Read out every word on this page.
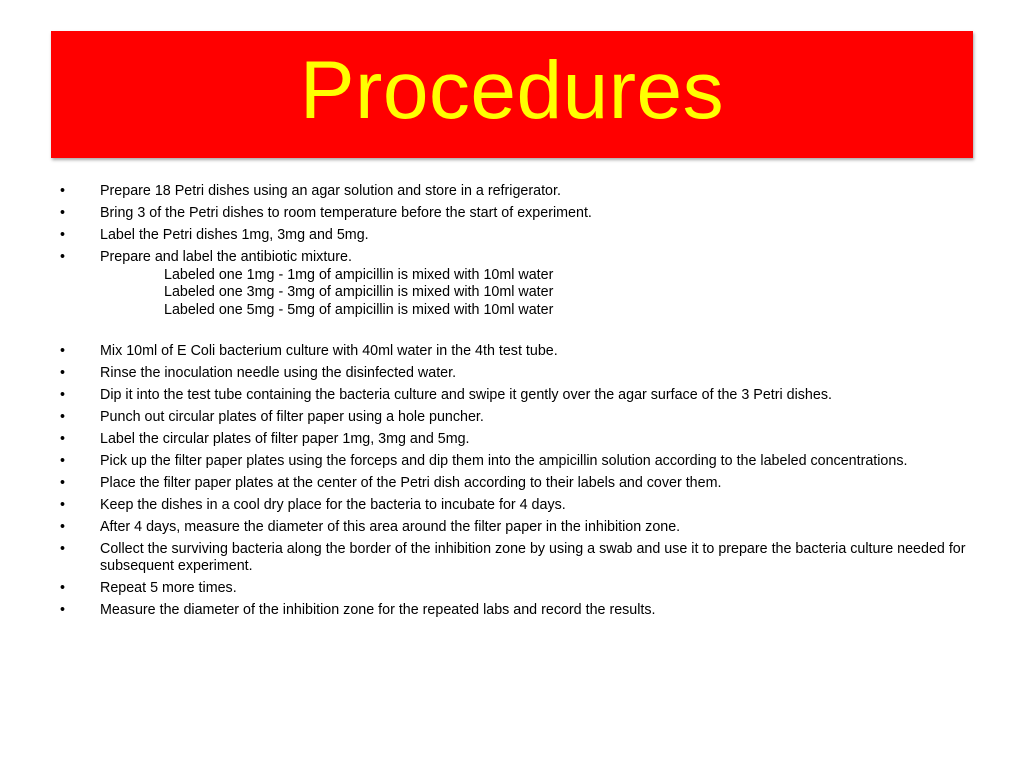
Procedures
• Prepare 18 Petri dishes using an agar solution and store in a refrigerator.
• Bring 3 of the Petri dishes to room temperature before the start of experiment.
• Label the Petri dishes 1mg, 3mg and 5mg.
• Prepare and label the antibiotic mixture.
Labeled one 1mg - 1mg of ampicillin is mixed with 10ml water
Labeled one 3mg - 3mg of ampicillin is mixed with 10ml water
Labeled one 5mg - 5mg of ampicillin is mixed with 10ml water
• Mix 10ml of E Coli bacterium culture with 40ml water in the 4th test tube.
• Rinse the inoculation needle using the disinfected water.
• Dip it into the test tube containing the bacteria culture and swipe it gently over the agar surface of the 3 Petri dishes.
• Punch out circular plates of filter paper using a hole puncher.
• Label the circular plates of filter paper 1mg, 3mg and 5mg.
• Pick up the filter paper plates using the forceps and dip them into the ampicillin solution according to the labeled concentrations.
• Place the filter paper plates at the center of the Petri dish according to their labels and cover them.
• Keep the dishes in a cool dry place for the bacteria to incubate for 4 days.
• After 4 days, measure the diameter of this area around the filter paper in the inhibition zone.
• Collect the surviving bacteria along the border of the inhibition zone by using a swab and use it to prepare the bacteria culture needed for subsequent experiment.
• Repeat 5 more times.
• Measure the diameter of the inhibition zone for the repeated labs and record the results.
